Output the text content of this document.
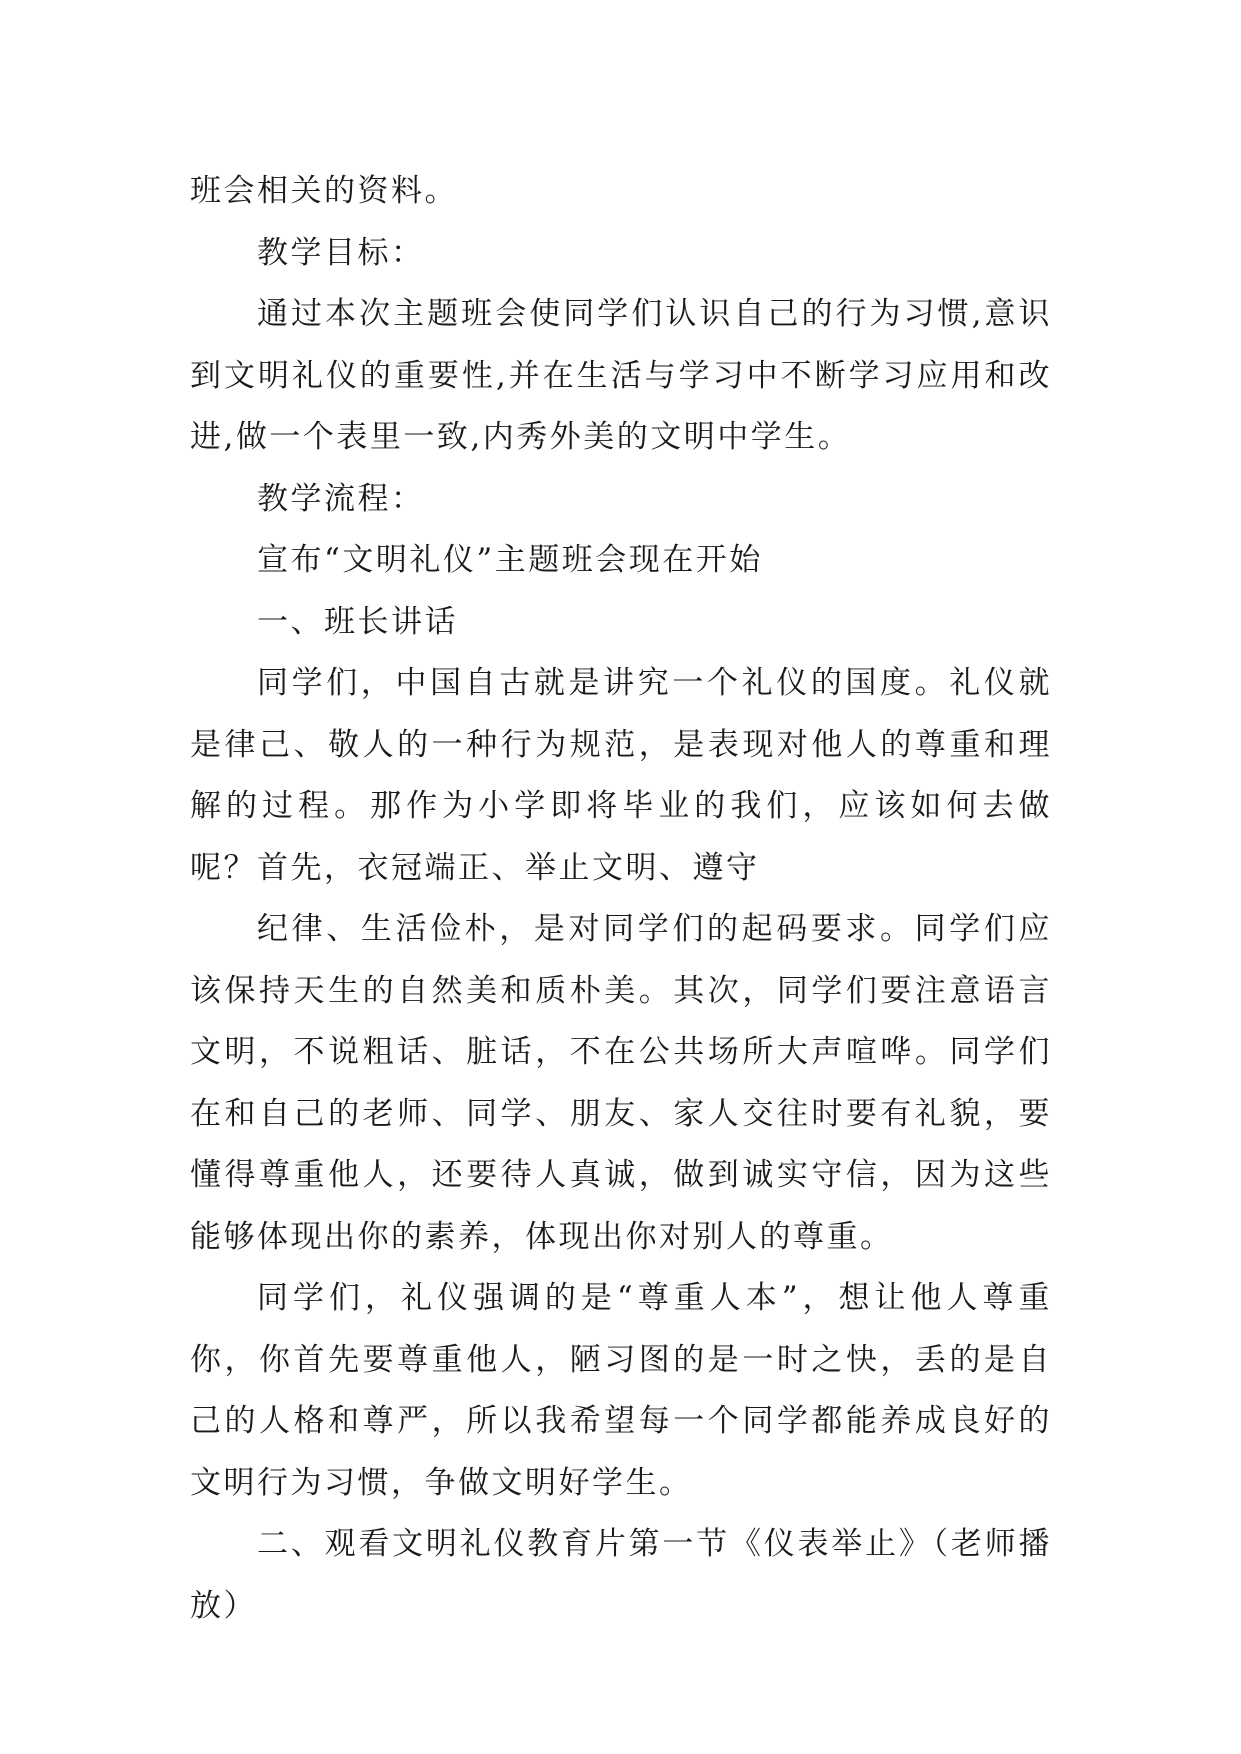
班会相关的资料。

教学目标：

通过本次主题班会使同学们认识自己的行为习惯,意识到文明礼仪的重要性,并在生活与学习中不断学习应用和改进,做一个表里一致,内秀外美的文明中学生。

教学流程：

宣布“文明礼仪”主题班会现在开始

一、班长讲话

同学们，中国自古就是讲究一个礼仪的国度。礼仪就是律己、敬人的一种行为规范，是表现对他人的尊重和理解的过程。那作为小学即将毕业的我们，应该如何去做呢？首先，衣冠端正、举止文明、遵守

纪律、生活俭朴，是对同学们的起码要求。同学们应该保持天生的自然美和质朴美。其次，同学们要注意语言文明，不说粗话、脏话，不在公共场所大声喧哗。同学们在和自己的老师、同学、朋友、家人交往时要有礼貌，要懂得尊重他人，还要待人真诚，做到诚实守信，因为这些能够体现出你的素养，体现出你对别人的尊重。

同学们，礼仪强调的是“尊重人本”，想让他人尊重你，你首先要尊重他人，陋习图的是一时之快，丢的是自己的人格和尊严，所以我希望每一个同学都能养成良好的文明行为习惯，争做文明好学生。

二、观看文明礼仪教育片第一节《仪表举止》（老师播放）
